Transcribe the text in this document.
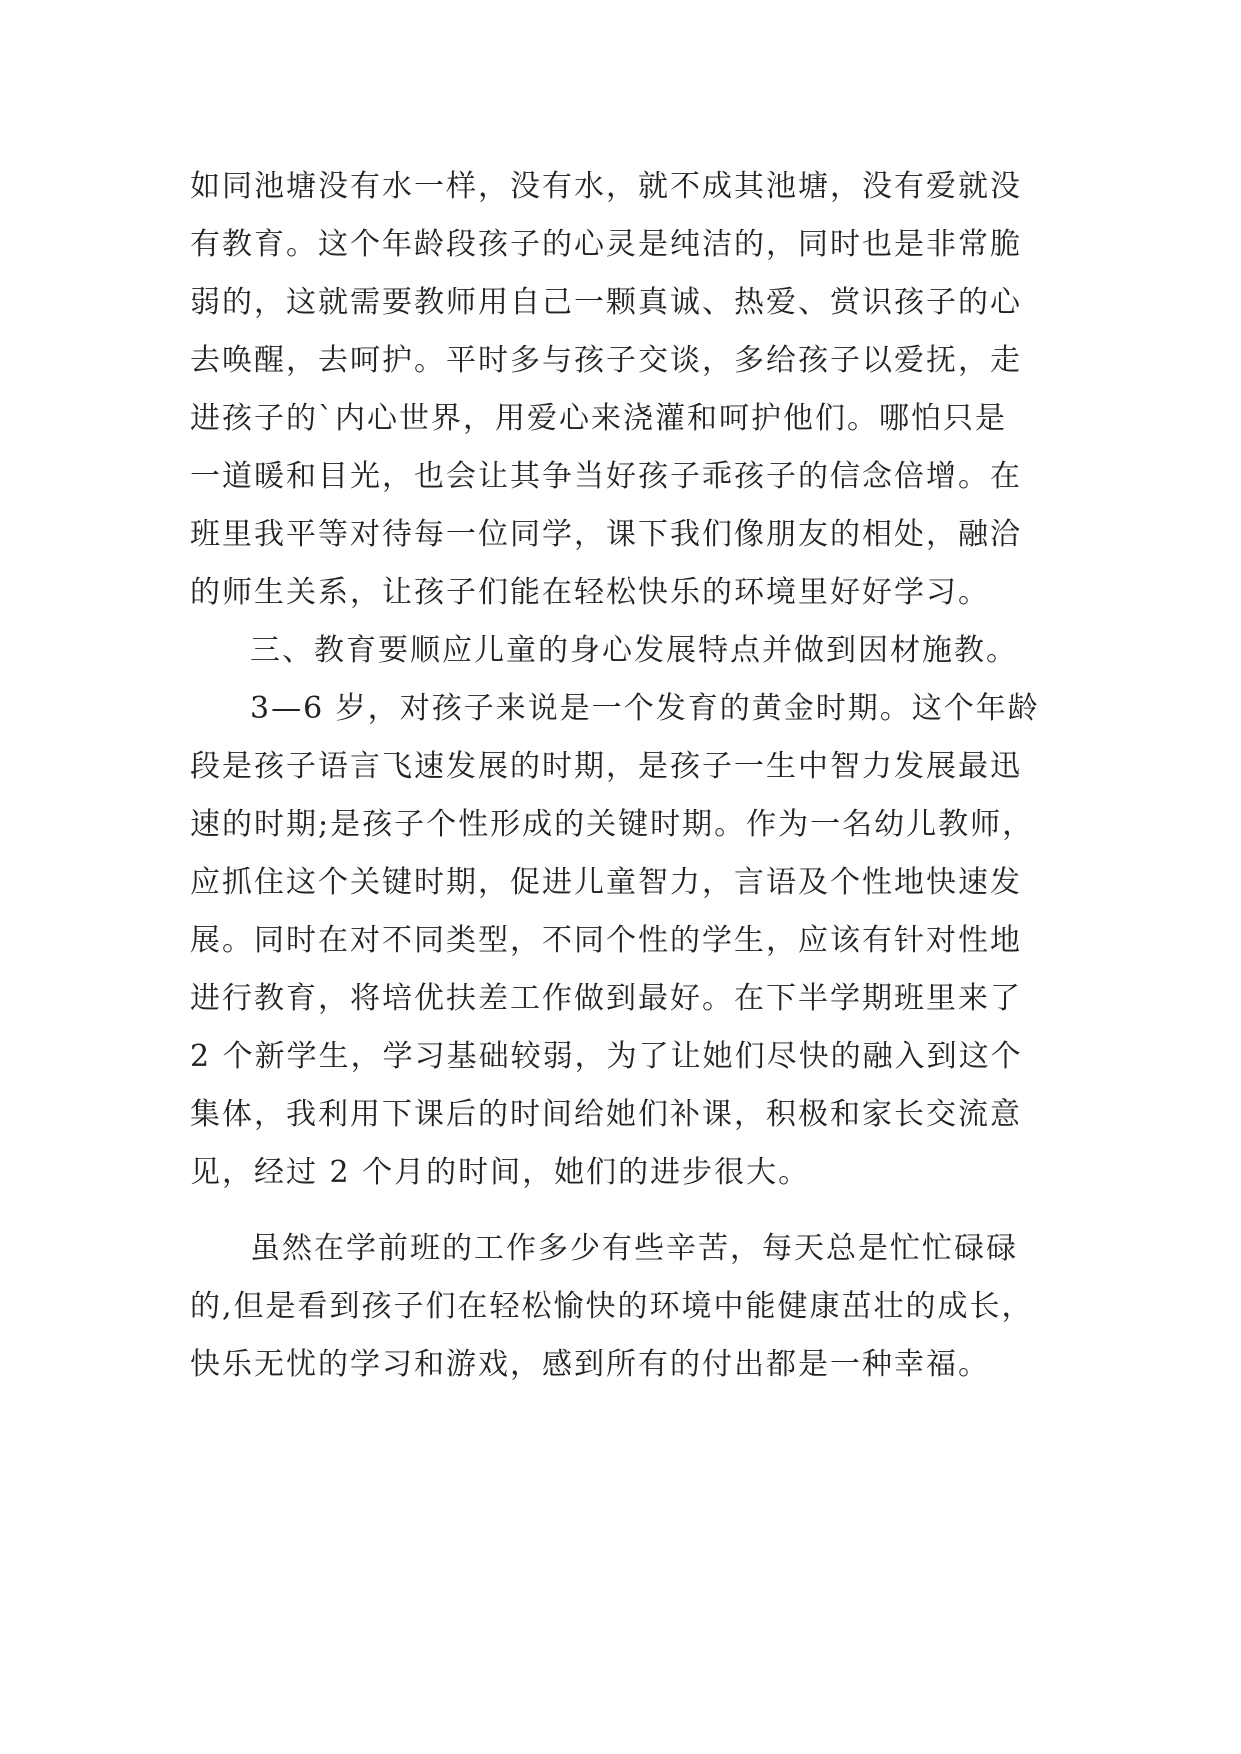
如同池塘没有水一样，没有水，就不成其池塘，没有爱就没
有教育。这个年龄段孩子的心灵是纯洁的，同时也是非常脆
弱的，这就需要教师用自己一颗真诚、热爱、赏识孩子的心
去唤醒，去呵护。平时多与孩子交谈，多给孩子以爱抚，走
进孩子的`内心世界，用爱心来浇灌和呵护他们。哪怕只是
一道暖和目光，也会让其争当好孩子乖孩子的信念倍增。在
班里我平等对待每一位同学，课下我们像朋友的相处，融洽
的师生关系，让孩子们能在轻松快乐的环境里好好学习。
三、教育要顺应儿童的身心发展特点并做到因材施教。
3—6 岁，对孩子来说是一个发育的黄金时期。这个年龄
段是孩子语言飞速发展的时期，是孩子一生中智力发展最迅
速的时期;是孩子个性形成的关键时期。作为一名幼儿教师，
应抓住这个关键时期，促进儿童智力，言语及个性地快速发
展。同时在对不同类型，不同个性的学生，应该有针对性地
进行教育，将培优扶差工作做到最好。在下半学期班里来了
2 个新学生，学习基础较弱，为了让她们尽快的融入到这个
集体，我利用下课后的时间给她们补课，积极和家长交流意
见，经过 2 个月的时间，她们的进步很大。
虽然在学前班的工作多少有些辛苦，每天总是忙忙碌碌
的,但是看到孩子们在轻松愉快的环境中能健康茁壮的成长，
快乐无忧的学习和游戏，感到所有的付出都是一种幸福。
